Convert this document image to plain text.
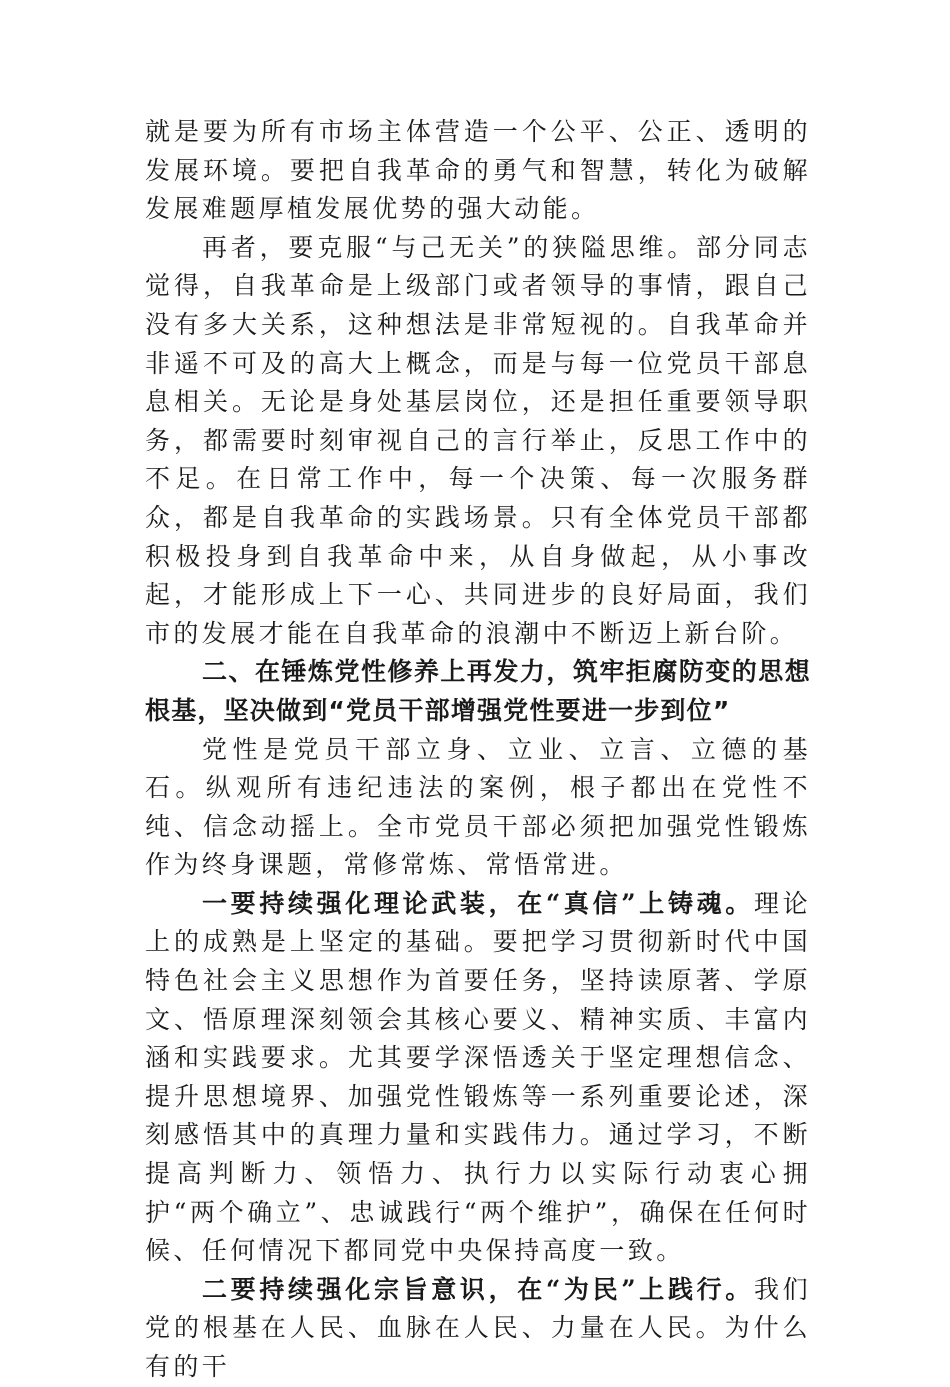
就是要为所有市场主体营造一个公平、公正、透明的发展环境。要把自我革命的勇气和智慧，转化为破解发展难题厚植发展优势的强大动能。

再者，要克服“与己无关”的狭隘思维。部分同志觉得，自我革命是上级部门或者领导的事情，跟自己没有多大关系，这种想法是非常短视的。自我革命并非遥不可及的高大上概念，而是与每一位党员干部息息相关。无论是身处基层岗位，还是担任重要领导职务，都需要时刻审视自己的言行举止，反思工作中的不足。在日常工作中，每一个决策、每一次服务群众，都是自我革命的实践场景。只有全体党员干部都积极投身到自我革命中来，从自身做起，从小事改起，才能形成上下一心、共同进步的良好局面，我们市的发展才能在自我革命的浪潮中不断迈上新台阶。

二、在锤炼党性修养上再发力，筑牢拒腐防变的思想根基，坚决做到“党员干部增强党性要进一步到位”

党性是党员干部立身、立业、立言、立德的基石。纵观所有违纪违法的案例，根子都出在党性不纯、信念动摇上。全市党员干部必须把加强党性锻炼作为终身课题，常修常炼、常悟常进。

一要持续强化理论武装，在“真信”上铸魂。理论上的成熟是上坚定的基础。要把学习贯彻新时代中国特色社会主义思想作为首要任务，坚持读原著、学原文、悟原理深刻领会其核心要义、精神实质、丰富内涵和实践要求。尤其要学深悟透关于坚定理想信念、提升思想境界、加强党性锻炼等一系列重要论述，深刻感悟其中的真理力量和实践伟力。通过学习，不断提高判断力、领悟力、执行力以实际行动衷心拥护“两个确立”、忠诚践行“两个维护”，确保在任何时候、任何情况下都同党中央保持高度一致。

二要持续强化宗旨意识，在“为民”上践行。我们党的根基在人民、血脉在人民、力量在人民。为什么有的干
